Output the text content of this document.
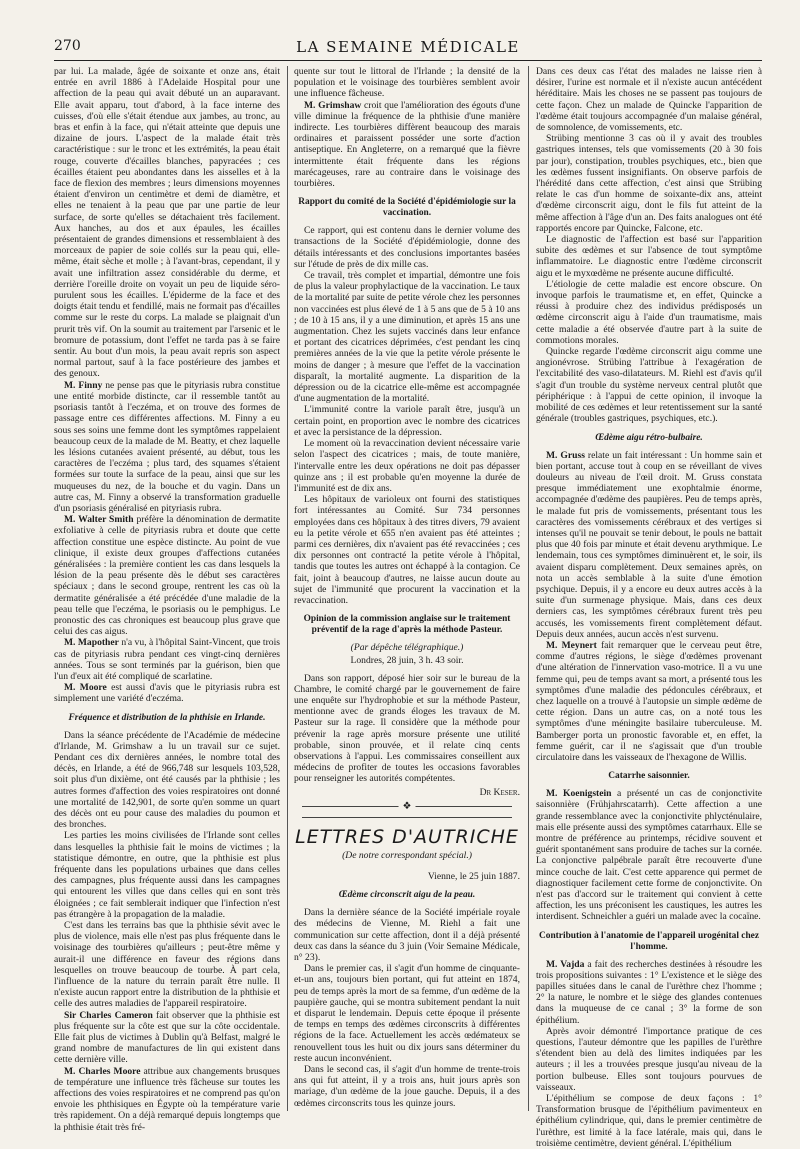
270	LA SEMAINE MÉDICALE

par lui. La malade, âgée de soixante et onze ans, était entrée en avril 1886 à l'Adelaide Hospital pour une affection de la peau qui avait débuté un an auparavant. Elle avait apparu, tout d'abord, à la face interne des cuisses, d'où elle s'était étendue aux jambes, au tronc, au bras et enfin à la face, qui n'était atteinte que depuis une dizaine de jours. L'aspect de la malade était très caractéristique : sur le tronc et les extrémités, la peau était rouge, couverte d'écailles blanches, papyracées ; ces écailles étaient peu abondantes dans les aisselles et à la face de flexion des membres ; leurs dimensions moyennes étaient d'environ un centimètre et demi de diamètre, et elles ne tenaient à la peau que par une partie de leur surface, de sorte qu'elles se détachaient très facilement. Aux hanches, au dos et aux épaules, les écailles présentaient de grandes dimensions et ressemblaient à des morceaux de papier de soie collés sur la peau qui, elle-même, était sèche et molle ; à l'avant-bras, cependant, il y avait une infiltration assez considérable du derme, et derrière l'oreille droite on voyait un peu de liquide séro-purulent sous les écailles. L'épiderme de la face et des doigts était tendu et fendillé, mais ne formait pas d'écailles comme sur le reste du corps. La malade se plaignait d'un prurit très vif. On la soumit au traitement par l'arsenic et le bromure de potassium, dont l'effet ne tarda pas à se faire sentir. Au bout d'un mois, la peau avait repris son aspect normal partout, sauf à la face postérieure des jambes et des genoux.

M. Finny ne pense pas que le pityriasis rubra constitue une entité morbide distincte, car il ressemble tantôt au psoriasis tantôt à l'eczéma, et on trouve des formes de passage entre ces différentes affections. M. Finny a eu sous ses soins une femme dont les symptômes rappelaient beaucoup ceux de la malade de M. Beatty, et chez laquelle les lésions cutanées avaient présenté, au début, tous les caractères de l'eczéma ; plus tard, des squames s'étaient formées sur toute la surface de la peau, ainsi que sur les muqueuses du nez, de la bouche et du vagin. Dans un autre cas, M. Finny a observé la transformation graduelle d'un psoriasis généralisé en pityriasis rubra.

M. Walter Smith préfère la dénomination de dermatite exfoliative à celle de pityriasis rubra et doute que cette affection constitue une espèce distincte. Au point de vue clinique, il existe deux groupes d'affections cutanées généralisées : la première contient les cas dans lesquels la lésion de la peau présente dès le début ses caractères spéciaux ; dans le second groupe, rentrent les cas où la dermatite généralisée a été précédée d'une maladie de la peau telle que l'eczéma, le psoriasis ou le pemphigus. Le pronostic des cas chroniques est beaucoup plus grave que celui des cas aigus.

M. Mapother n'a vu, à l'hôpital Saint-Vincent, que trois cas de pityriasis rubra pendant ces vingt-cinq dernières années. Tous se sont terminés par la guérison, bien que l'un d'eux ait été compliqué de scarlatine.

M. Moore est aussi d'avis que le pityriasis rubra est simplement une variété d'eczéma.

Fréquence et distribution de la phthisie en Irlande.

Dans la séance précédente de l'Académie de médecine d'Irlande, M. Grimshaw a lu un travail sur ce sujet. Pendant ces dix dernières années, le nombre total des décès, en Irlande, a été de 966,748 sur lesquels 103,528, soit plus d'un dixième, ont été causés par la phthisie ; les autres formes d'affection des voies respiratoires ont donné une mortalité de 142,901, de sorte qu'en somme un quart des décès ont eu pour cause des maladies du poumon et des bronches.

Les parties les moins civilisées de l'Irlande sont celles dans lesquelles la phthisie fait le moins de victimes ; la statistique démontre, en outre, que la phthisie est plus fréquente dans les populations urbaines que dans celles des campagnes, plus fréquente aussi dans les campagnes qui entourent les villes que dans celles qui en sont très éloignées ; ce fait semblerait indiquer que l'infection n'est pas étrangère à la propagation de la maladie.

C'est dans les terrains bas que la phthisie sévit avec le plus de violence, mais elle n'est pas plus fréquente dans le voisinage des tourbières qu'ailleurs ; peut-être même y aurait-il une différence en faveur des régions dans lesquelles on trouve beaucoup de tourbe. À part cela, l'influence de la nature du terrain paraît être nulle. Il n'existe aucun rapport entre la distribution de la phthisie et celle des autres maladies de l'appareil respiratoire.

Sir Charles Cameron fait observer que la phthisie est plus fréquente sur la côte est que sur la côte occidentale. Elle fait plus de victimes à Dublin qu'à Belfast, malgré le grand nombre de manufactures de lin qui existent dans cette dernière ville.

M. Charles Moore attribue aux changements brusques de température une influence très fâcheuse sur toutes les affections des voies respiratoires et ne comprend pas qu'on envoie les phthisiques en Égypte où la température varie très rapidement. On a déjà remarqué depuis longtemps que la phthisie était très fré-

quente sur tout le littoral de l'Irlande ; la densité de la population et le voisinage des tourbières semblent avoir une influence fâcheuse.

M. Grimshaw croit que l'amélioration des égouts d'une ville diminue la fréquence de la phthisie d'une manière indirecte. Les tourbières diffèrent beaucoup des marais ordinaires et paraissent posséder une sorte d'action antiseptique. En Angleterre, on a remarqué que la fièvre intermittente était fréquente dans les régions marécageuses, rare au contraire dans le voisinage des tourbières.

Rapport du comité de la Société d'épidémiologie sur la vaccination.

Ce rapport, qui est contenu dans le dernier volume des transactions de la Société d'épidémiologie, donne des détails intéressants et des conclusions importantes basées sur l'étude de près de dix mille cas.

Ce travail, très complet et impartial, démontre une fois de plus la valeur prophylactique de la vaccination. Le taux de la mortalité par suite de petite vérole chez les personnes non vaccinées est plus élevé de 1 à 5 ans que de 5 à 10 ans ; de 10 à 15 ans, il y a une diminution, et après 15 ans une augmentation. Chez les sujets vaccinés dans leur enfance et portant des cicatrices déprimées, c'est pendant les cinq premières années de la vie que la petite vérole présente le moins de danger ; à mesure que l'effet de la vaccination disparaît, la mortalité augmente. La disparition de la dépression ou de la cicatrice elle-même est accompagnée d'une augmentation de la mortalité.

L'immunité contre la variole paraît être, jusqu'à un certain point, en proportion avec le nombre des cicatrices et avec la persistance de la dépression.

Le moment où la revaccination devient nécessaire varie selon l'aspect des cicatrices ; mais, de toute manière, l'intervalle entre les deux opérations ne doit pas dépasser quinze ans ; il est probable qu'en moyenne la durée de l'immunité est de dix ans.

Les hôpitaux de varioleux ont fourni des statistiques fort intéressantes au Comité. Sur 734 personnes employées dans ces hôpitaux à des titres divers, 79 avaient eu la petite vérole et 655 n'en avaient pas été atteintes ; parmi ces dernières, dix n'avaient pas été revaccinées ; ces dix personnes ont contracté la petite vérole à l'hôpital, tandis que toutes les autres ont échappé à la contagion. Ce fait, joint à beaucoup d'autres, ne laisse aucun doute au sujet de l'immunité que procurent la vaccination et la revaccination.

Opinion de la commission anglaise sur le traitement préventif de la rage d'après la méthode Pasteur.
(Par dépêche télégraphique.)
Londres, 28 juin, 3 h. 43 soir.

Dans son rapport, déposé hier soir sur le bureau de la Chambre, le comité chargé par le gouvernement de faire une enquête sur l'hydrophobie et sur la méthode Pasteur, mentionne avec de grands éloges les travaux de M. Pasteur sur la rage. Il considère que la méthode pour prévenir la rage après morsure présente une utilité probable, sinon prouvée, et il relate cinq cents observations à l'appui. Les commissaires conseillent aux médecins de profiter de toutes les occasions favorables pour renseigner les autorités compétentes.

Dr Keser.
❖
LETTRES D'AUTRICHE
(De notre correspondant spécial.)
Vienne, le 25 juin 1887.
Œdème circonscrit aigu de la peau.

Dans la dernière séance de la Société impériale royale des médecins de Vienne, M. Riehl a fait une communication sur cette affection, dont il a déjà présenté deux cas dans la séance du 3 juin (Voir Semaine Médicale, n° 23).

Dans le premier cas, il s'agit d'un homme de cinquante-et-un ans, toujours bien portant, qui fut atteint en 1874, peu de temps après la mort de sa femme, d'un œdème de la paupière gauche, qui se montra subitement pendant la nuit et disparut le lendemain. Depuis cette époque il présente de temps en temps des œdèmes circonscrits à différentes régions de la face. Actuellement les accès œdémateux se renouvellent tous les huit ou dix jours sans déterminer du reste aucun inconvénient.

Dans le second cas, il s'agit d'un homme de trente-trois ans qui fut atteint, il y a trois ans, huit jours après son mariage, d'un œdème de la joue gauche. Depuis, il a des œdèmes circonscrits tous les quinze jours.

Dans ces deux cas l'état des malades ne laisse rien à désirer, l'urine est normale et il n'existe aucun antécédent héréditaire. Mais les choses ne se passent pas toujours de cette façon. Chez un malade de Quincke l'apparition de l'œdème était toujours accompagnée d'un malaise général, de somnolence, de vomissements, etc.

Strübing mentionne 3 cas où il y avait des troubles gastriques intenses, tels que vomissements (20 à 30 fois par jour), constipation, troubles psychiques, etc., bien que les œdèmes fussent insignifiants. On observe parfois de l'hérédité dans cette affection, c'est ainsi que Strübing relate le cas d'un homme de soixante-dix ans, atteint d'œdème circonscrit aigu, dont le fils fut atteint de la même affection à l'âge d'un an. Des faits analogues ont été rapportés encore par Quincke, Falcone, etc.

Le diagnostic de l'affection est basé sur l'apparition subite des œdèmes et sur l'absence de tout symptôme inflammatoire. Le diagnostic entre l'œdème circonscrit aigu et le myxœdème ne présente aucune difficulté.

L'étiologie de cette maladie est encore obscure. On invoque parfois le traumatisme et, en effet, Quincke a réussi à produire chez des individus prédisposés un œdème circonscrit aigu à l'aide d'un traumatisme, mais cette maladie a été observée d'autre part à la suite de commotions morales.

Quincke regarde l'œdème circonscrit aigu comme une angionévrose. Strübing l'attribue à l'exagération de l'excitabilité des vaso-dilatateurs. M. Riehl est d'avis qu'il s'agit d'un trouble du système nerveux central plutôt que périphérique : à l'appui de cette opinion, il invoque la mobilité de ces œdèmes et leur retentissement sur la santé générale (troubles gastriques, psychiques, etc.).

Œdème aigu rétro-bulbaire.

M. Gruss relate un fait intéressant : Un homme sain et bien portant, accuse tout à coup en se réveillant de vives douleurs au niveau de l'œil droit. M. Gruss constata presque immédiatement une exophtalmie énorme, accompagnée d'œdème des paupières. Peu de temps après, le malade fut pris de vomissements, présentant tous les caractères des vomissements cérébraux et des vertiges si intenses qu'il ne pouvait se tenir debout, le pouls ne battait plus que 40 fois par minute et était devenu arythmique. Le lendemain, tous ces symptômes diminuèrent et, le soir, ils avaient disparu complètement. Deux semaines après, on nota un accès semblable à la suite d'une émotion psychique. Depuis, il y a encore eu deux autres accès à la suite d'un surmenage physique. Mais, dans ces deux derniers cas, les symptômes cérébraux furent très peu accusés, les vomissements firent complètement défaut. Depuis deux années, aucun accès n'est survenu.

M. Meynert fait remarquer que le cerveau peut être, comme d'autres régions, le siège d'œdèmes provenant d'une altération de l'innervation vaso-motrice. Il a vu une femme qui, peu de temps avant sa mort, a présenté tous les symptômes d'une maladie des pédoncules cérébraux, et chez laquelle on a trouvé à l'autopsie un simple œdème de cette région. Dans un autre cas, on a noté tous les symptômes d'une méningite basilaire tuberculeuse. M. Bamberger porta un pronostic favorable et, en effet, la femme guérit, car il ne s'agissait que d'un trouble circulatoire dans les vaisseaux de l'hexagone de Willis.

Catarrhe saisonnier.

M. Koenigstein a présenté un cas de conjonctivite saisonnière (Frühjahrscatarrh). Cette affection a une grande ressemblance avec la conjonctivite phlycténulaire, mais elle présente aussi des symptômes catarrhaux. Elle se montre de préférence au printemps, récidive souvent et guérit spontanément sans produire de taches sur la cornée. La conjonctive palpébrale paraît être recouverte d'une mince couche de lait. C'est cette apparence qui permet de diagnostiquer facilement cette forme de conjonctivite. On n'est pas d'accord sur le traitement qui convient à cette affection, les uns préconisent les caustiques, les autres les interdisent. Schneichler a guéri un malade avec la cocaïne.

Contribution à l'anatomie de l'appareil urogénital chez l'homme.

M. Vajda a fait des recherches destinées à résoudre les trois propositions suivantes : 1° L'existence et le siège des papilles situées dans le canal de l'urèthre chez l'homme ; 2° la nature, le nombre et le siège des glandes contenues dans la muqueuse de ce canal ; 3° la forme de son épithélium.

Après avoir démontré l'importance pratique de ces questions, l'auteur démontre que les papilles de l'urèthre s'étendent bien au delà des limites indiquées par les auteurs ; il les a trouvées presque jusqu'au niveau de la portion bulbeuse. Elles sont toujours pourvues de vaisseaux.

L'épithélium se compose de deux façons : 1° Transformation brusque de l'épithélium pavimenteux en épithélium cylindrique, qui, dans le premier centimètre de l'urèthre, est limité à la face latérale, mais qui, dans le troisième centimètre, devient général. L'épithélium
